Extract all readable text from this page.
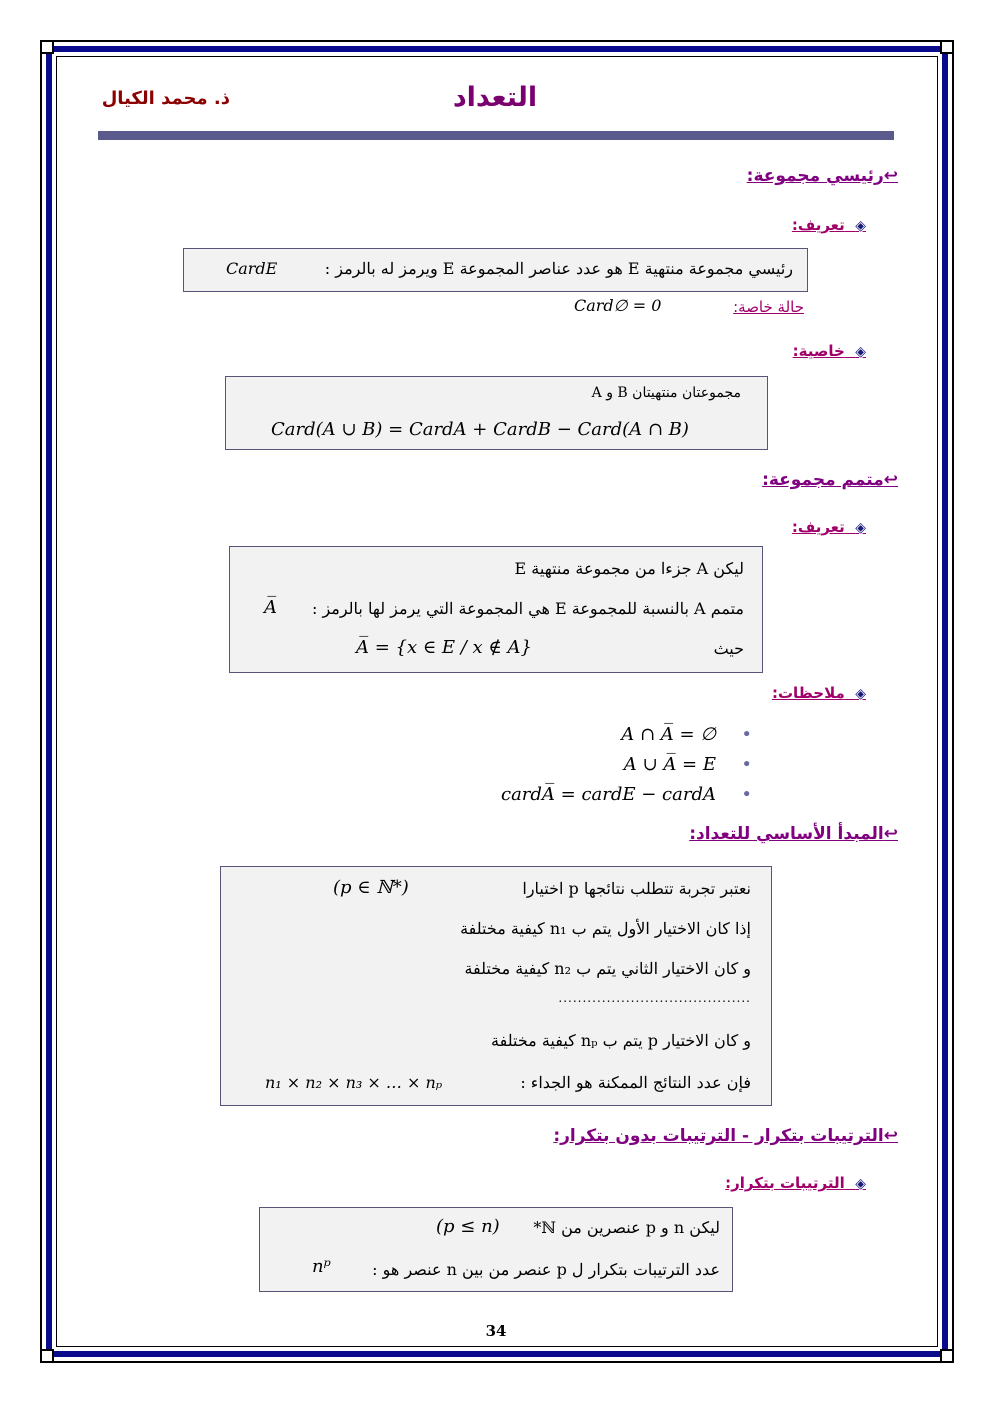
التعداد
ذ. محمد الكيال
↩رئيسي مجموعة:
◈  تعريف:
رئيسي مجموعة منتهية E هو عدد عناصر المجموعة E ويرمز له بالرمز :
CardE
حالة خاصة:
Card∅ = 0
◈  خاصية:
A و B مجموعتان منتهيتان
Card(A ∪ B) = CardA + CardB − Card(A ∩ B)
↩متمم مجموعة:
◈  تعريف:
ليكن A جزءا من مجموعة منتهية E
متمم A بالنسبة للمجموعة E هي المجموعة التي يرمز لها بالرمز :
A̅
حيث
A̅ = {x ∈ E / x ∉ A}
◈  ملاحظات:
A ∩ A̅ = ∅ •
A ∪ A̅ = E •
cardA̅ = cardE − cardA •
↩المبدأ الأساسي للتعداد:
نعتبر تجربة تتطلب نتائجها p اختيارا
(p ∈ ℕ*)
إذا كان الاختيار الأول يتم ب n₁ كيفية مختلفة
و كان الاختيار الثاني يتم ب n₂ كيفية مختلفة
........................................
و كان الاختيار p يتم ب nₚ كيفية مختلفة
فإن عدد النتائج الممكنة هو الجداء :
n₁ × n₂ × n₃ × … × nₚ
↩الترتيبات بتكرار - الترتيبات بدون بتكرار:
◈  الترتيبات بتكرار:
ليكن n و p عنصرين من ℕ*
(p ≤ n)
عدد الترتيبات بتكرار ل p عنصر من بين n عنصر هو :
nᵖ
34
